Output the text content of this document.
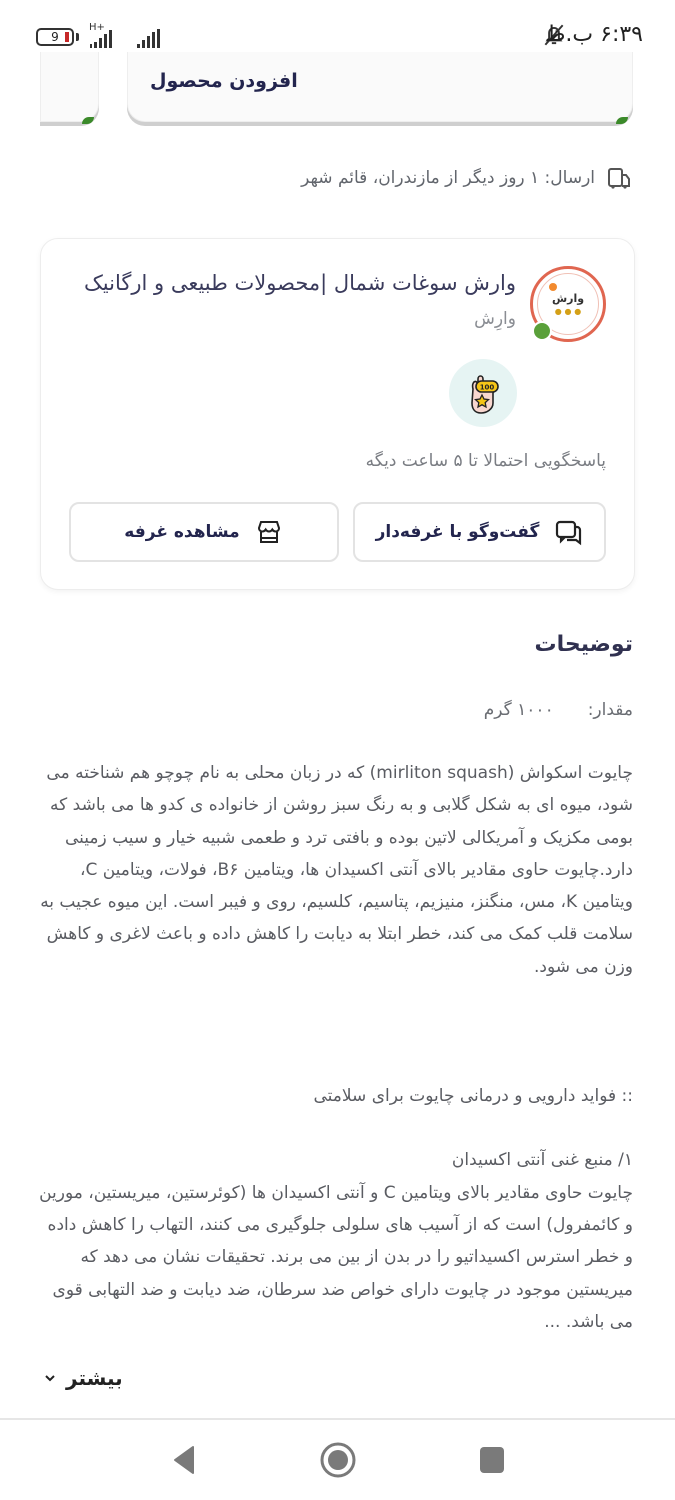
9
H+	۶:۳۹ ب.ظ
افزودن محصول
ارسال: ۱ روز دیگر از مازندران، قائم شهر
وارش
● ● ●
وارِش سوغات شمال |محصولات طبیعی و ارگانیک
وارِش
100
پاسخگویی احتمالا تا ۵ ساعت دیگه
گفت‌وگو با غرفه‌دار
مشاهده غرفه
توضیحات
مقدار:
۱۰۰۰ گرم

چایوت اسکواش (mirliton squash) که در زبان محلی به نام چوچو هم شناخته می شود، میوه ای به شکل گلابی و به رنگ سبز روشن از خانواده ی کدو ها می باشد که بومی مکزیک و آمریکالی لاتین بوده و بافتی ترد و طعمی شبیه خیار و سیب زمینی دارد.چایوت حاوی مقادیر بالای آنتی اکسیدان ها، ویتامین B۶، فولات، ویتامین C، ویتامین K، مس، منگنز، منیزیم، پتاسیم، کلسیم، روی و فیبر است. این میوه عجیب به سلامت قلب کمک می کند، خطر ابتلا به دیابت را کاهش داده و باعث لاغری و کاهش وزن می شود.

:: فواید دارویی و درمانی چایوت برای سلامتی

۱/ منبع غنی آنتی اکسیدان

چایوت حاوی مقادیر بالای ویتامین C و آنتی اکسیدان ها (کوئرستین، میریستین، مورین و کائمفرول) است که از آسیب های سلولی جلوگیری می کنند، التهاب را کاهش داده و خطر استرس اکسیداتیو را در بدن از بین می برند. تحقیقات نشان می دهد که میریستین موجود در چایوت دارای خواص ضد سرطان، ضد دیابت و ضد التهابی قوی می باشد. ...

بیشتر
